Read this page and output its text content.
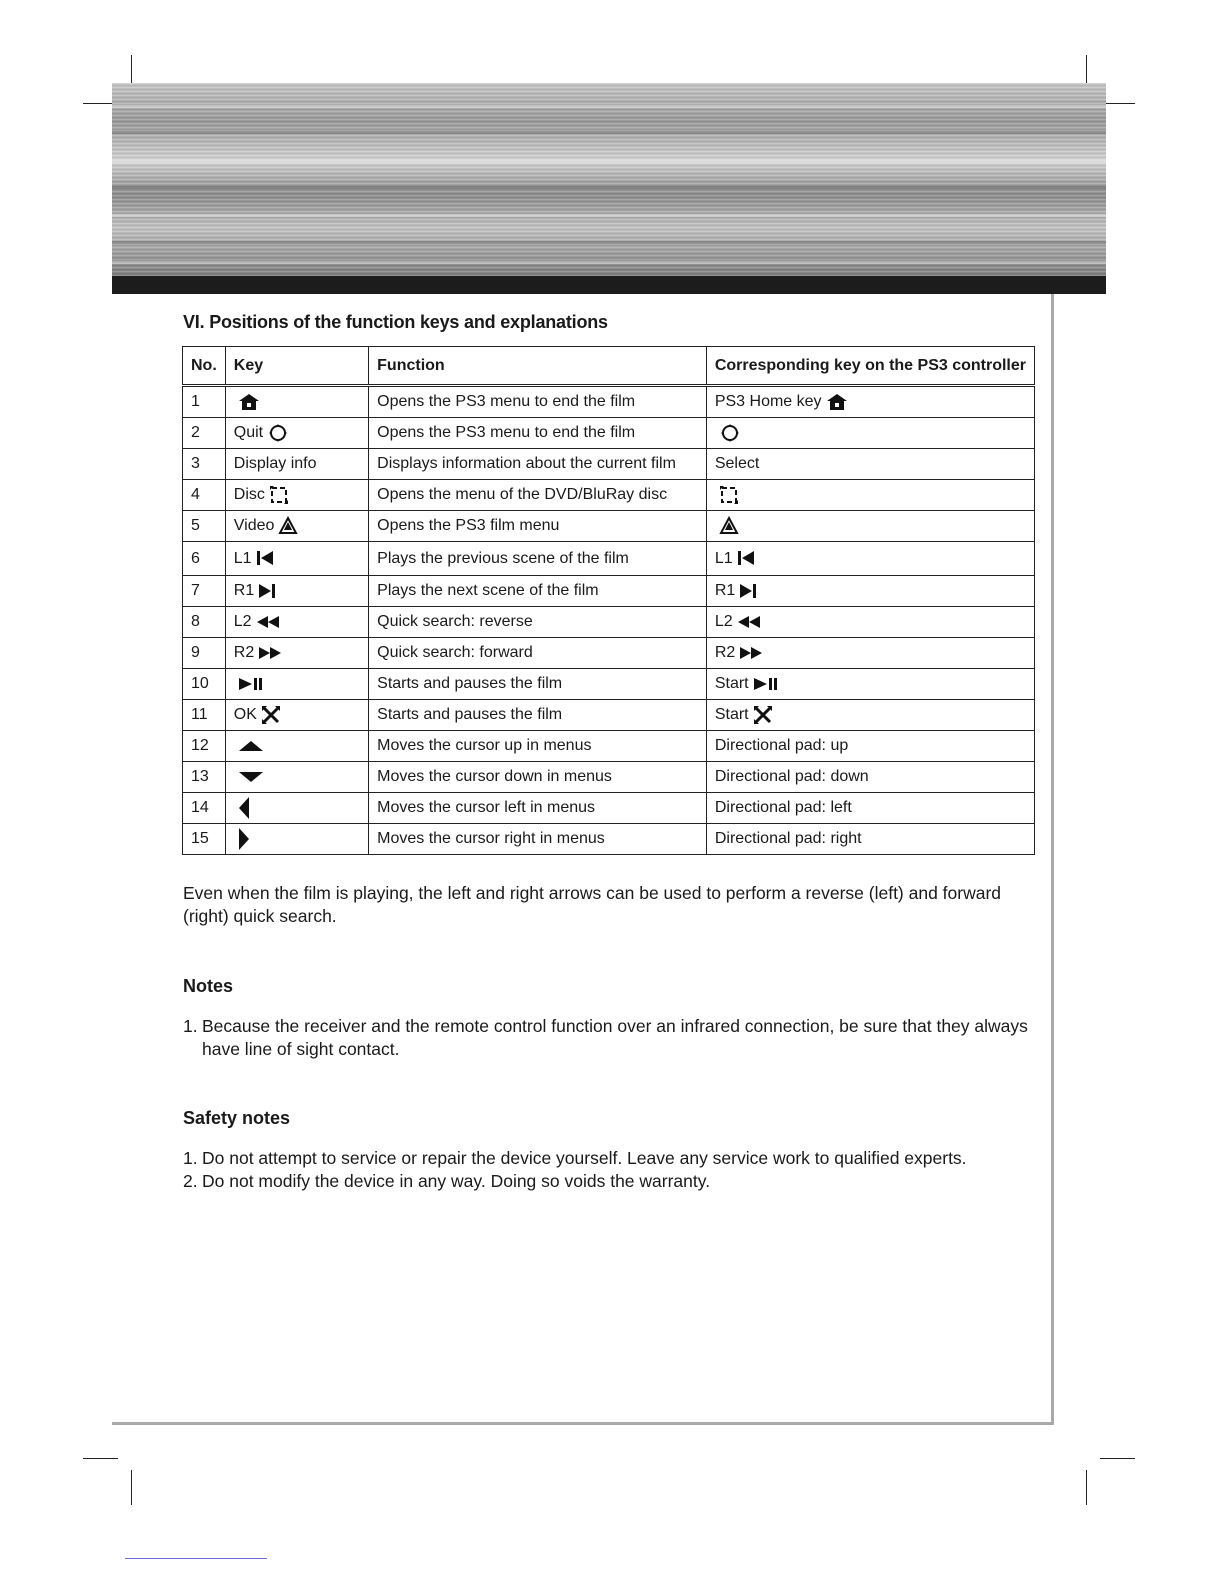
VI. Positions of the function keys and explanations
No.	Key	Function	Corresponding key on the PS3 controller
1		Opens the PS3 menu to end the film	PS3 Home key

2	Quit	Opens the PS3 menu to end the film	

3	Display info	Displays information about the current film	Select
4	Disc	Opens the menu of the DVD/BluRay disc	

5	Video	Opens the PS3 film menu	

6	L1	Plays the previous scene of the film	L1

7	R1	Plays the next scene of the film	R1

8	L2	Quick search: reverse	L2

9	R2	Quick search: forward	R2

10		Starts and pauses the film	Start

11	OK	Starts and pauses the film	Start

12		Moves the cursor up in menus	Directional pad: up
13		Moves the cursor down in menus	Directional pad: down
14		Moves the cursor left in menus	Directional pad: left
15		Moves the cursor right in menus	Directional pad: right
Even when the film is playing, the left and right arrows can be used to perform a reverse (left) and forward (right) quick search.
Notes
1. Because the receiver and the remote control function over an infrared connection, be sure that they always have line of sight contact.
Safety notes
1. Do not attempt to service or repair the device yourself. Leave any service work to qualified experts.
2. Do not modify the device in any way. Doing so voids the warranty.
